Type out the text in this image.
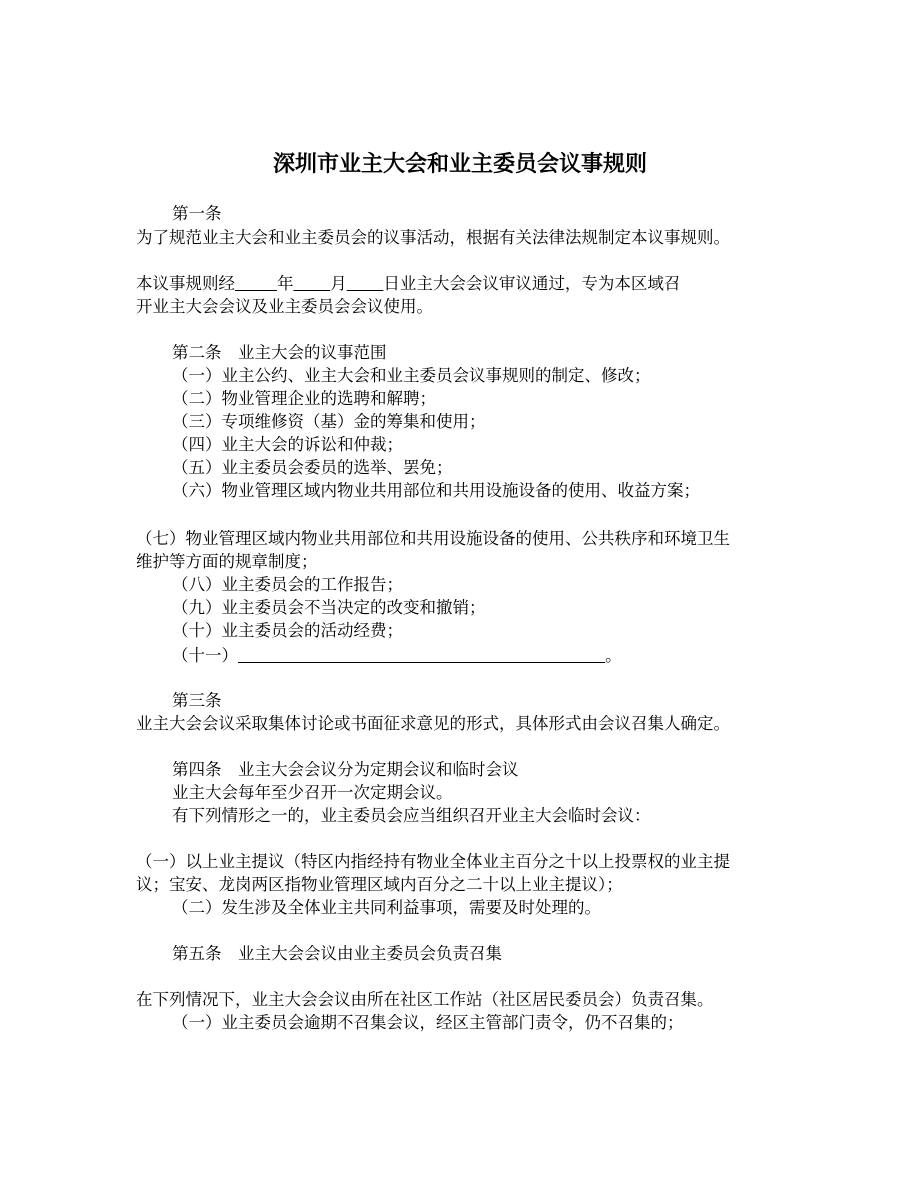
深圳市业主大会和业主委员会议事规则
第一条
为了规范业主大会和业主委员会的议事活动，根据有关法律法规制定本议事规则。
本议事规则经	年 月 日业主大会会议审议通过，专为本区域召
开业主大会会议及业主委员会会议使用。
第二条　业主大会的议事范围
（一）业主公约、业主大会和业主委员会议事规则的制定、修改；
（二）物业管理企业的选聘和解聘；
（三）专项维修资（基）金的筹集和使用；
（四）业主大会的诉讼和仲裁；
（五）业主委员会委员的选举、罢免；
（六）物业管理区域内物业共用部位和共用设施设备的使用、收益方案；
（七）物业管理区域内物业共用部位和共用设施设备的使用、公共秩序和环境卫生
维护等方面的规章制度；
（八）业主委员会的工作报告；
（九）业主委员会不当决定的改变和撤销；
（十）业主委员会的活动经费；
（十一）	。
第三条
业主大会会议采取集体讨论或书面征求意见的形式，具体形式由会议召集人确定。
第四条　业主大会会议分为定期会议和临时会议
业主大会每年至少召开一次定期会议。
有下列情形之一的，业主委员会应当组织召开业主大会临时会议：
（一）以上业主提议（特区内指经持有物业全体业主百分之十以上投票权的业主提
议；宝安、龙岗两区指物业管理区域内百分之二十以上业主提议）；
（二）发生涉及全体业主共同利益事项，需要及时处理的。
第五条　业主大会会议由业主委员会负责召集
在下列情况下，业主大会会议由所在社区工作站（社区居民委员会）负责召集。
（一）业主委员会逾期不召集会议，经区主管部门责令，仍不召集的；
